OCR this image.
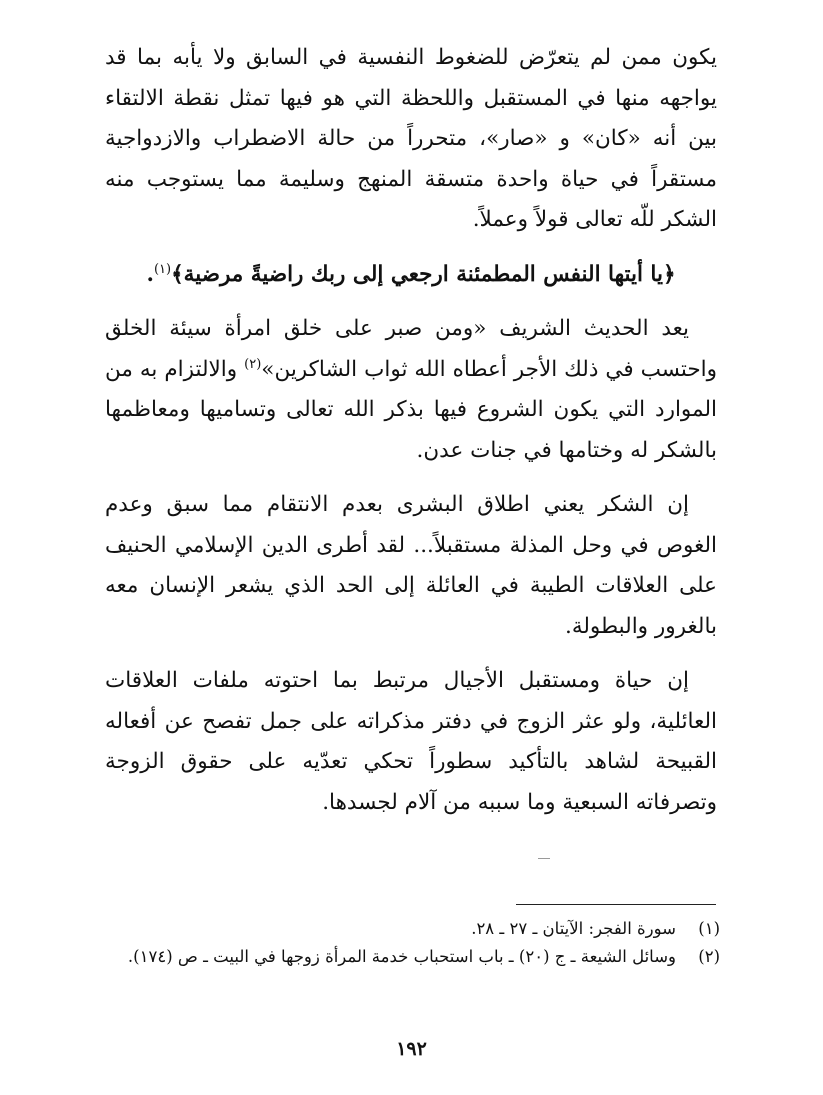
يكون ممن لم يتعرّض للضغوط النفسية في السابق ولا يأبه بما قد يواجهه منها في المستقبل واللحظة التي هو فيها تمثل نقطة الالتقاء بين أنه «كان» و «صار»، متحرراً من حالة الاضطراب والازدواجية مستقراً في حياة واحدة متسقة المنهج وسليمة مما يستوجب منه الشكر للّه تعالى قولاً وعملاً.

﴿يا أيتها النفس المطمئنة ارجعي إلى ربك راضيةً مرضية﴾$^{(١)}$.

يعد الحديث الشريف «ومن صبر على خلق امرأة سيئة الخلق واحتسب في ذلك الأجر أعطاه الله ثواب الشاكرين»$^{(٢)}$ والالتزام به من الموارد التي يكون الشروع فيها بذكر الله تعالى وتساميها ومعاظمها بالشكر له وختامها في جنات عدن.

إن الشكر يعني اطلاق البشرى بعدم الانتقام مما سبق وعدم الغوص في وحل المذلة مستقبلاً... لقد أطرى الدين الإسلامي الحنيف على العلاقات الطيبة في العائلة إلى الحد الذي يشعر الإنسان معه بالغرور والبطولة.

إن حياة ومستقبل الأجيال مرتبط بما احتوته ملفات العلاقات العائلية، ولو عثر الزوج في دفتر مذكراته على جمل تفصح عن أفعاله القبيحة لشاهد بالتأكيد سطوراً تحكي تعدّيه على حقوق الزوجة وتصرفاته السبعية وما سببه من آلام لجسدها.

(١)
سورة الفجر: الآيتان ـ ٢٧ ـ ٢٨.
(٢)
وسائل الشيعة ـ ج (٢٠) ـ باب استحباب خدمة المرأة زوجها في البيت ـ ص (١٧٤).
١٩٢
